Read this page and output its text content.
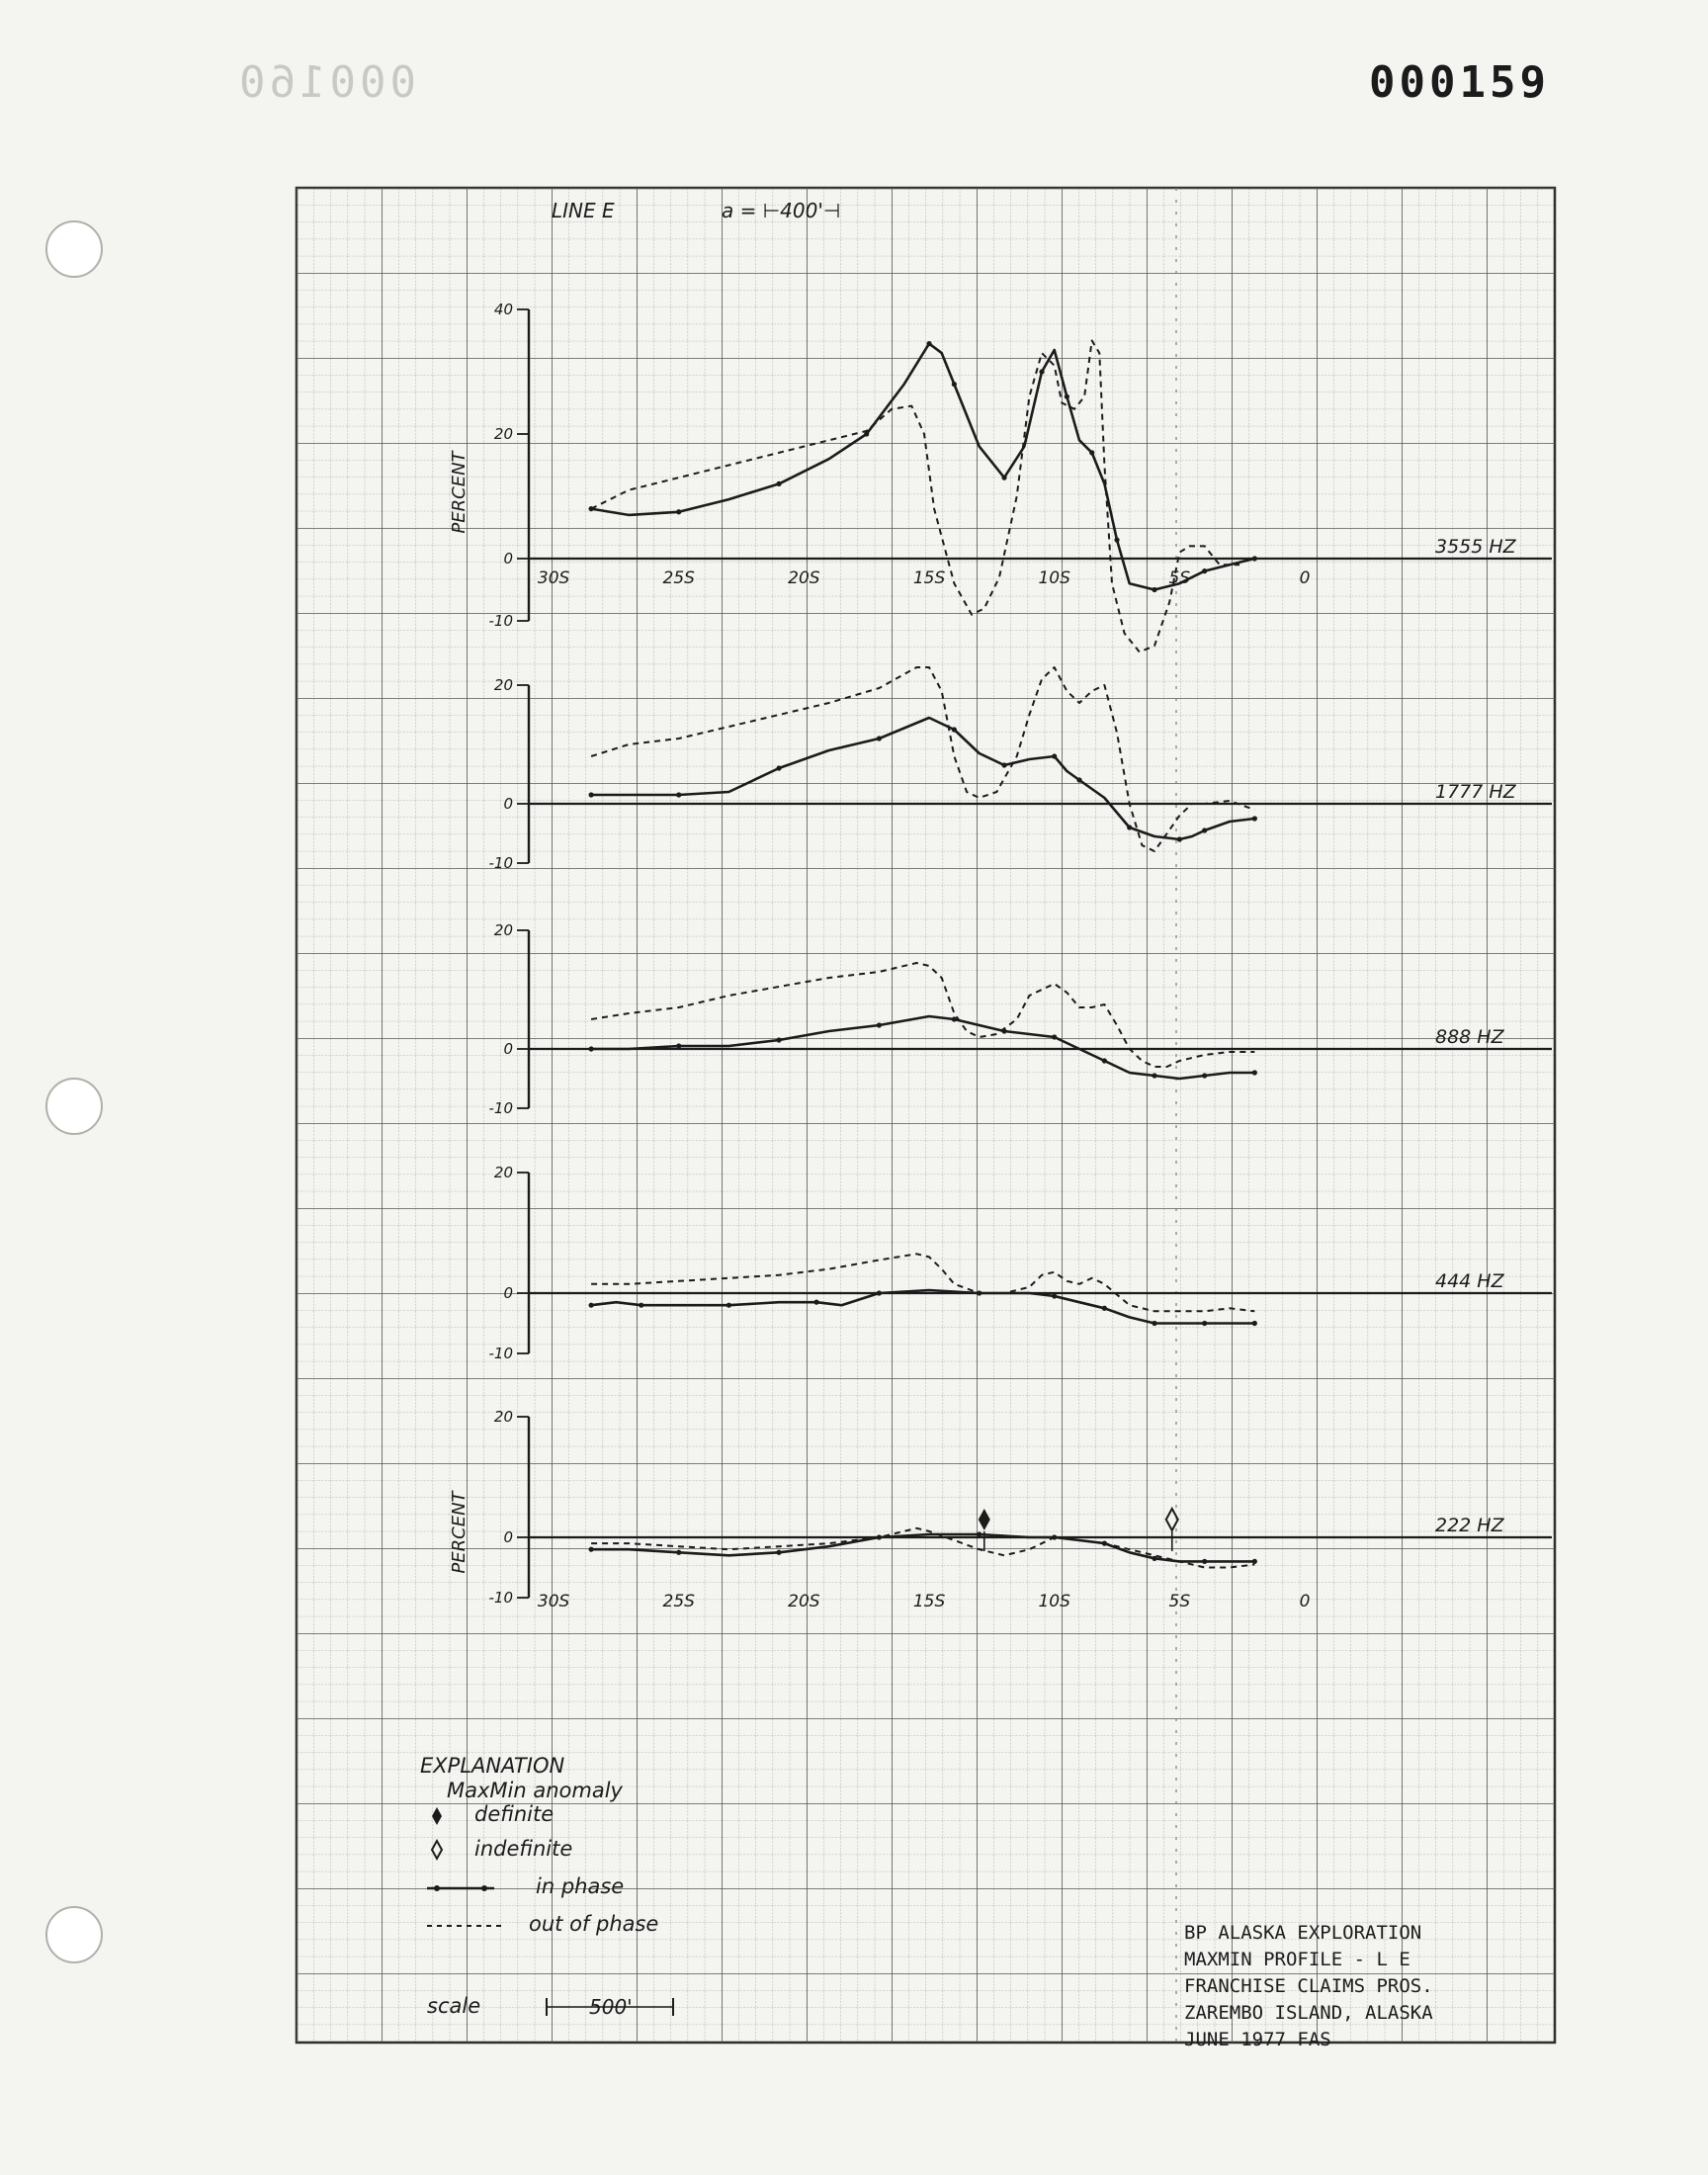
000160	000159
LINE E	a = ⊢400'⊣
40
20
0
-10
3555 HZ
20
0
-10
1777 HZ
20
0
-10
888 HZ
20
0
-10
444 HZ
20
0
-10
222 HZ
PERCENT
PERCENT
30S	25S	20S	15S	10S	5S	0
30S	25S	20S	15S	10S	5S	0
EXPLANATION
MaxMin anomaly
definite
indefinite
in phase
out of phase
scale	500'
BP ALASKA EXPLORATION
MAXMIN PROFILE - L E
FRANCHISE CLAIMS PROS.
ZAREMBO ISLAND, ALASKA
JUNE 1977 FAS
